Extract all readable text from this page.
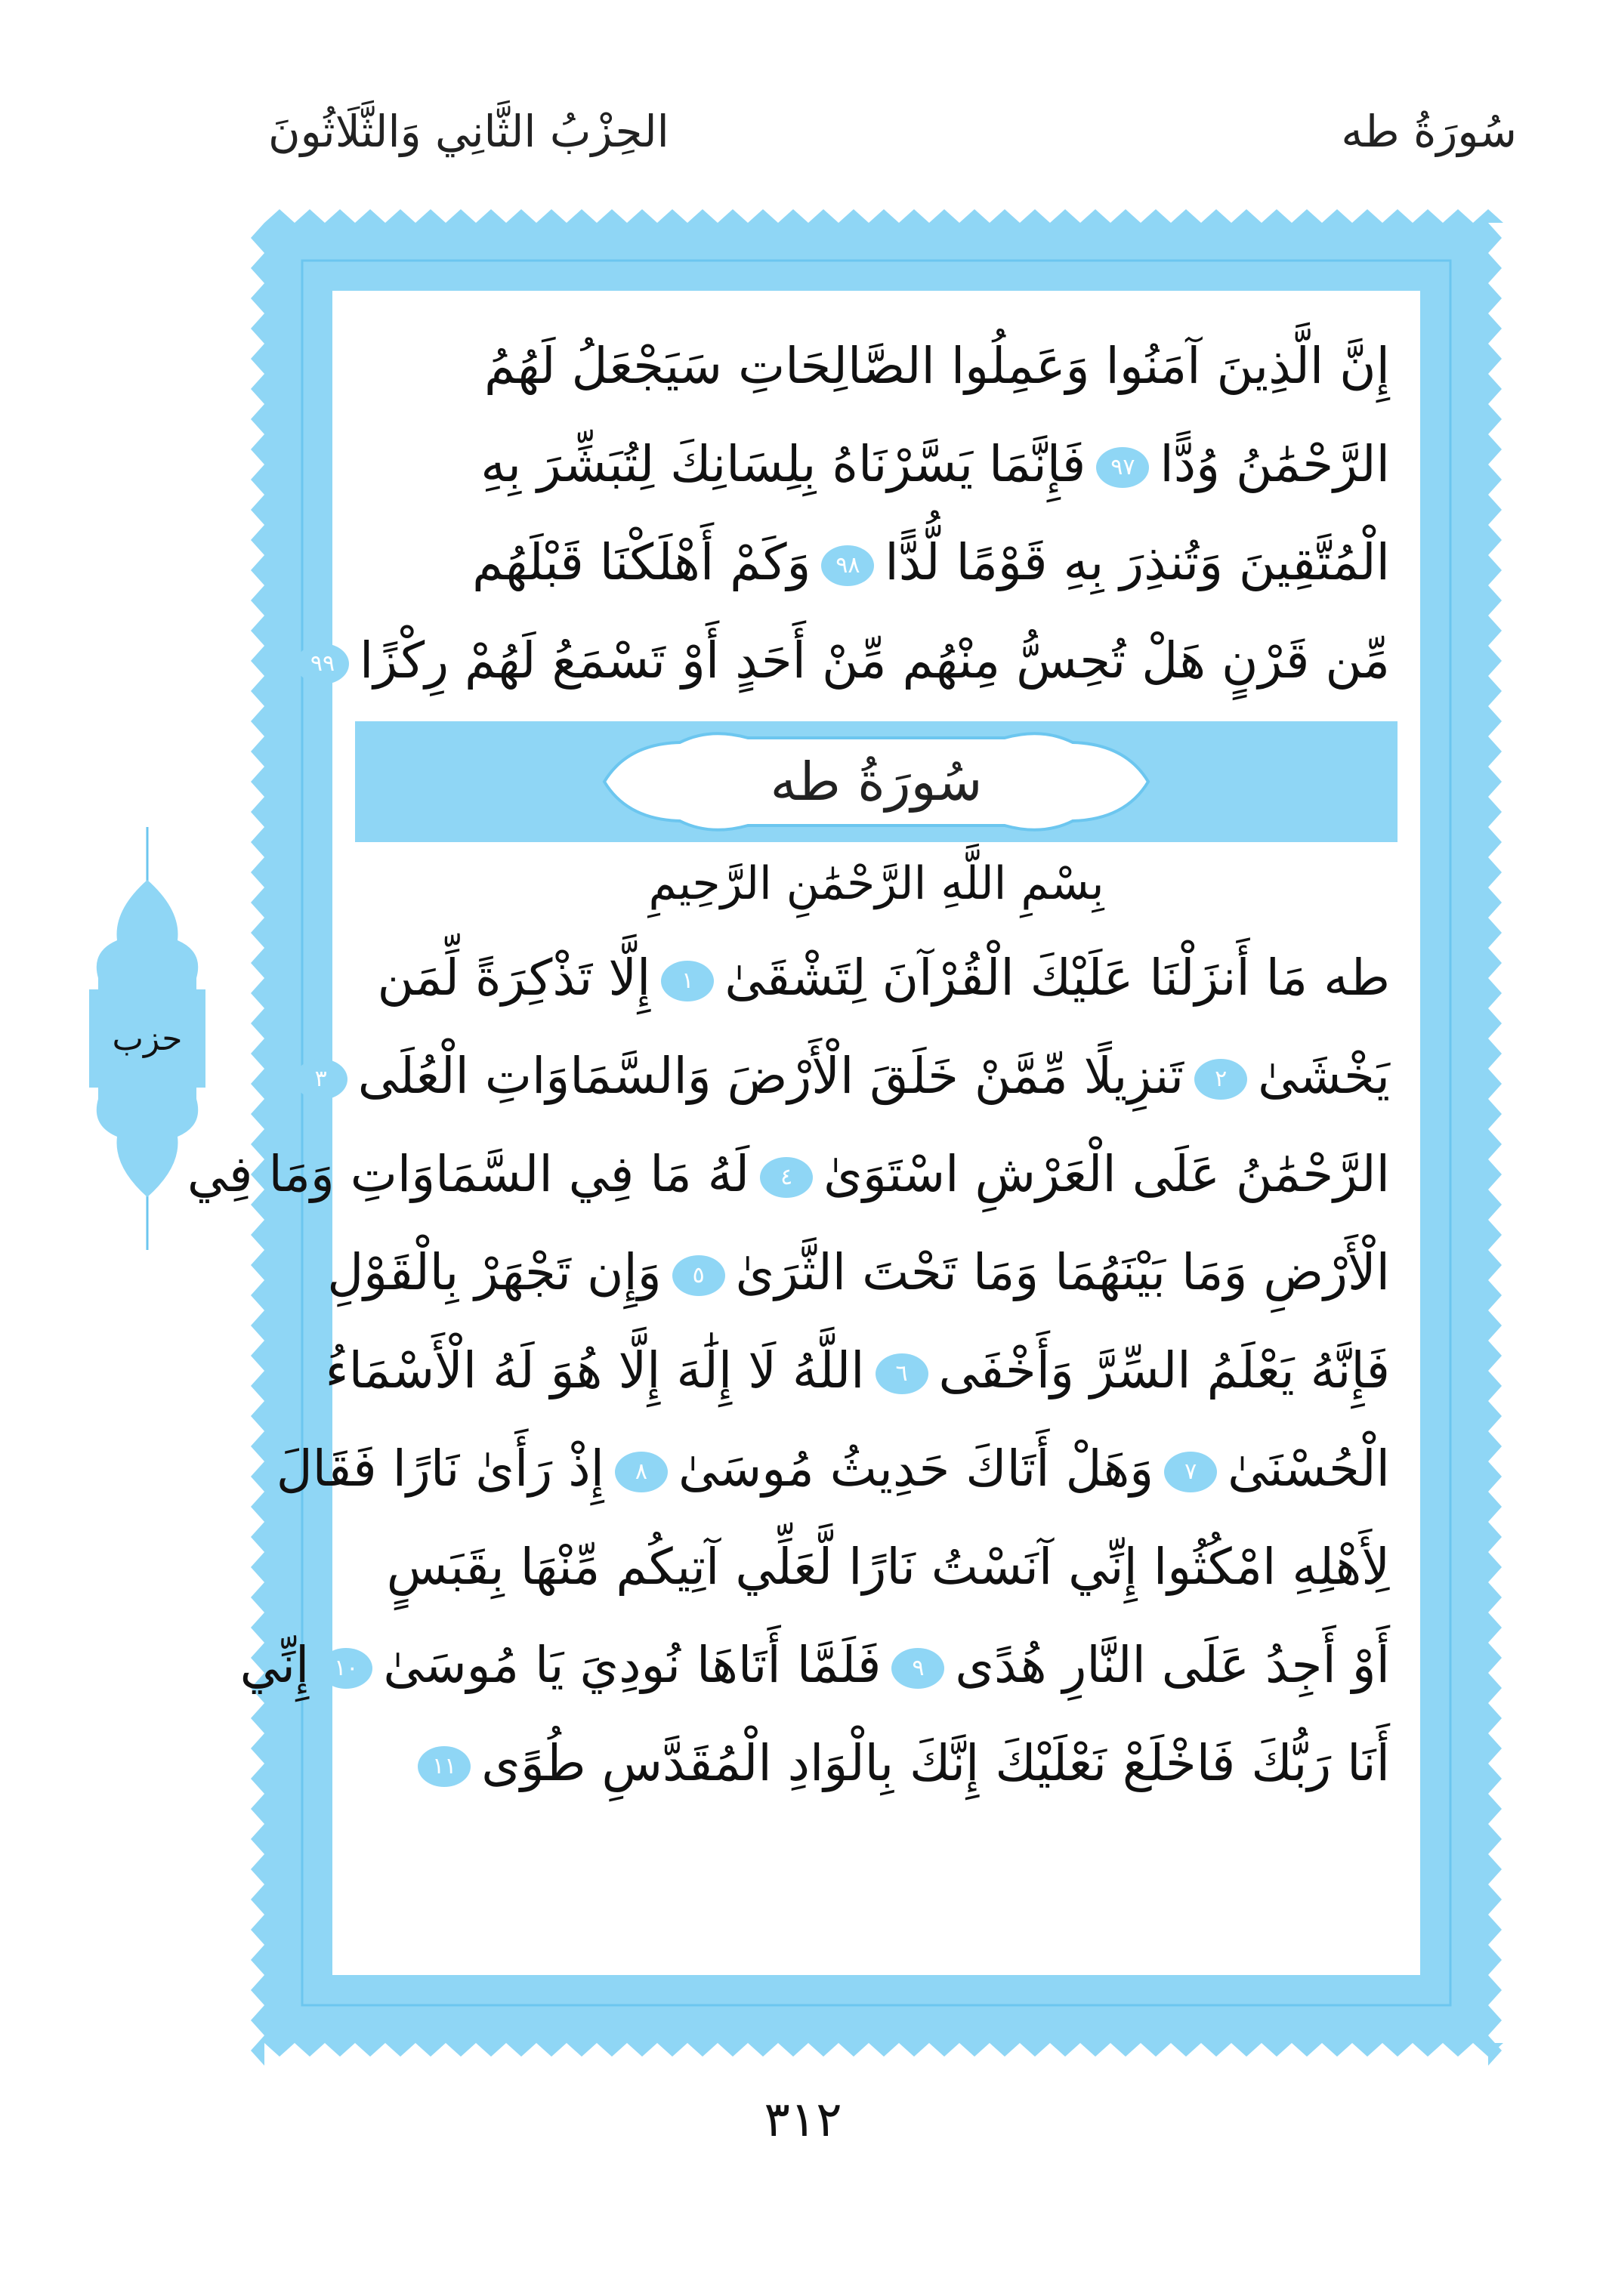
سُورَةُ طه
الحِزْبُ الثَّانِي وَالثَّلَاثُونَ
إِنَّ الَّذِينَ آمَنُوا وَعَمِلُوا الصَّالِحَاتِ سَيَجْعَلُ لَهُمُ
الرَّحْمَٰنُ وُدًّا٩٧فَإِنَّمَا يَسَّرْنَاهُ بِلِسَانِكَ لِتُبَشِّرَ بِهِ
الْمُتَّقِينَ وَتُنذِرَ بِهِ قَوْمًا لُّدًّا٩٨وَكَمْ أَهْلَكْنَا قَبْلَهُم
مِّن قَرْنٍ هَلْ تُحِسُّ مِنْهُم مِّنْ أَحَدٍ أَوْ تَسْمَعُ لَهُمْ رِكْزًا٩٩
سُورَةُ طه
بِسْمِ اللَّهِ الرَّحْمَٰنِ الرَّحِيمِ
طه مَا أَنزَلْنَا عَلَيْكَ الْقُرْآنَ لِتَشْقَىٰ١إِلَّا تَذْكِرَةً لِّمَن
يَخْشَىٰ٢تَنزِيلًا مِّمَّنْ خَلَقَ الْأَرْضَ وَالسَّمَاوَاتِ الْعُلَى٣
الرَّحْمَٰنُ عَلَى الْعَرْشِ اسْتَوَىٰ٤لَهُ مَا فِي السَّمَاوَاتِ وَمَا فِي
الْأَرْضِ وَمَا بَيْنَهُمَا وَمَا تَحْتَ الثَّرَىٰ٥وَإِن تَجْهَرْ بِالْقَوْلِ
فَإِنَّهُ يَعْلَمُ السِّرَّ وَأَخْفَى٦اللَّهُ لَا إِلَٰهَ إِلَّا هُوَ لَهُ الْأَسْمَاءُ
الْحُسْنَىٰ٧وَهَلْ أَتَاكَ حَدِيثُ مُوسَىٰ٨إِذْ رَأَىٰ نَارًا فَقَالَ
لِأَهْلِهِ امْكُثُوا إِنِّي آنَسْتُ نَارًا لَّعَلِّي آتِيكُم مِّنْهَا بِقَبَسٍ
أَوْ أَجِدُ عَلَى النَّارِ هُدًى٩فَلَمَّا أَتَاهَا نُودِيَ يَا مُوسَىٰ١٠إِنِّي
أَنَا رَبُّكَ فَاخْلَعْ نَعْلَيْكَ إِنَّكَ بِالْوَادِ الْمُقَدَّسِ طُوًى١١
حزب
٣١٢
